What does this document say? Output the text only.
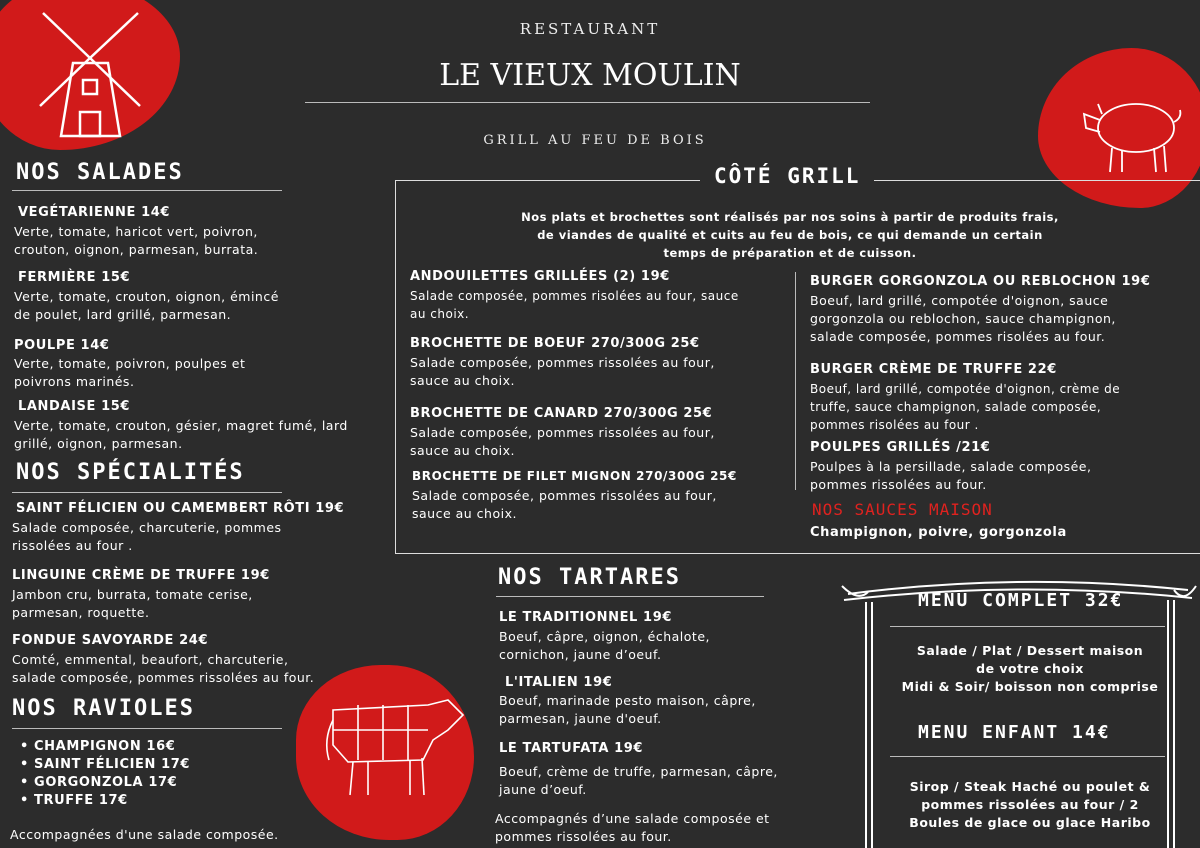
RESTAURANT
LE VIEUX MOULIN
GRILL AU FEU DE BOIS
NOS SALADES
VEGÉTARIENNE 14€
Verte, tomate, haricot vert, poivron,
crouton, oignon, parmesan, burrata.
FERMIÈRE 15€
Verte, tomate, crouton, oignon, émincé
de poulet, lard grillé, parmesan.
POULPE 14€
Verte, tomate, poivron, poulpes et
poivrons marinés.
LANDAISE 15€
Verte, tomate, crouton, gésier, magret fumé, lard
grillé, oignon, parmesan.
NOS SPÉCIALITÉS
SAINT FÉLICIEN OU CAMEMBERT RÔTI 19€
Salade composée, charcuterie, pommes
rissolées au four .
LINGUINE CRÈME DE TRUFFE 19€
Jambon cru, burrata, tomate cerise,
parmesan, roquette.
FONDUE SAVOYARDE 24€
Comté, emmental, beaufort, charcuterie,
salade composée, pommes rissolées au four.
NOS RAVIOLES
• CHAMPIGNON 16€
• SAINT FÉLICIEN 17€
• GORGONZOLA 17€
• TRUFFE 17€
Accompagnées d'une salade composée.
CÔTÉ GRILL
Nos plats et brochettes sont réalisés par nos soins à partir de produits frais,
de viandes de qualité et cuits au feu de bois, ce qui demande un certain
temps de préparation et de cuisson.
ANDOUILETTES GRILLÉES (2) 19€
Salade composée, pommes risolées au four, sauce
au choix.
BROCHETTE DE BOEUF 270/300G 25€
Salade composée, pommes rissolées au four,
sauce au choix.
BROCHETTE DE CANARD 270/300G 25€
Salade composée, pommes rissolées au four,
sauce au choix.
BROCHETTE DE FILET MIGNON 270/300G 25€
Salade composée, pommes rissolées au four,
sauce au choix.
BURGER GORGONZOLA OU REBLOCHON 19€
Boeuf, lard grillé, compotée d'oignon, sauce
gorgonzola ou reblochon, sauce champignon,
salade composée, pommes risolées au four.
BURGER CRÈME DE TRUFFE 22€
Boeuf, lard grillé, compotée d'oignon, crème de
truffe, sauce champignon, salade composée,
pommes risolées au four .
POULPES GRILLÉS /21€
Poulpes à la persillade, salade composée,
pommes rissolées au four.
NOS SAUCES MAISON
Champignon, poivre, gorgonzola
NOS TARTARES
LE TRADITIONNEL 19€
Boeuf, câpre, oignon, échalote,
cornichon, jaune d’oeuf.
L'ITALIEN 19€
Boeuf, marinade pesto maison, câpre,
parmesan, jaune d'oeuf.
LE TARTUFATA 19€
Boeuf, crème de truffe, parmesan, câpre,
jaune d’oeuf.
Accompagnés d’une salade composée et
pommes rissolées au four.
MENU COMPLET 32€
Salade / Plat / Dessert maison
de votre choix
Midi & Soir/ boisson non comprise
MENU ENFANT 14€
Sirop / Steak Haché ou poulet &
pommes rissolées au four / 2
Boules de glace ou glace Haribo
